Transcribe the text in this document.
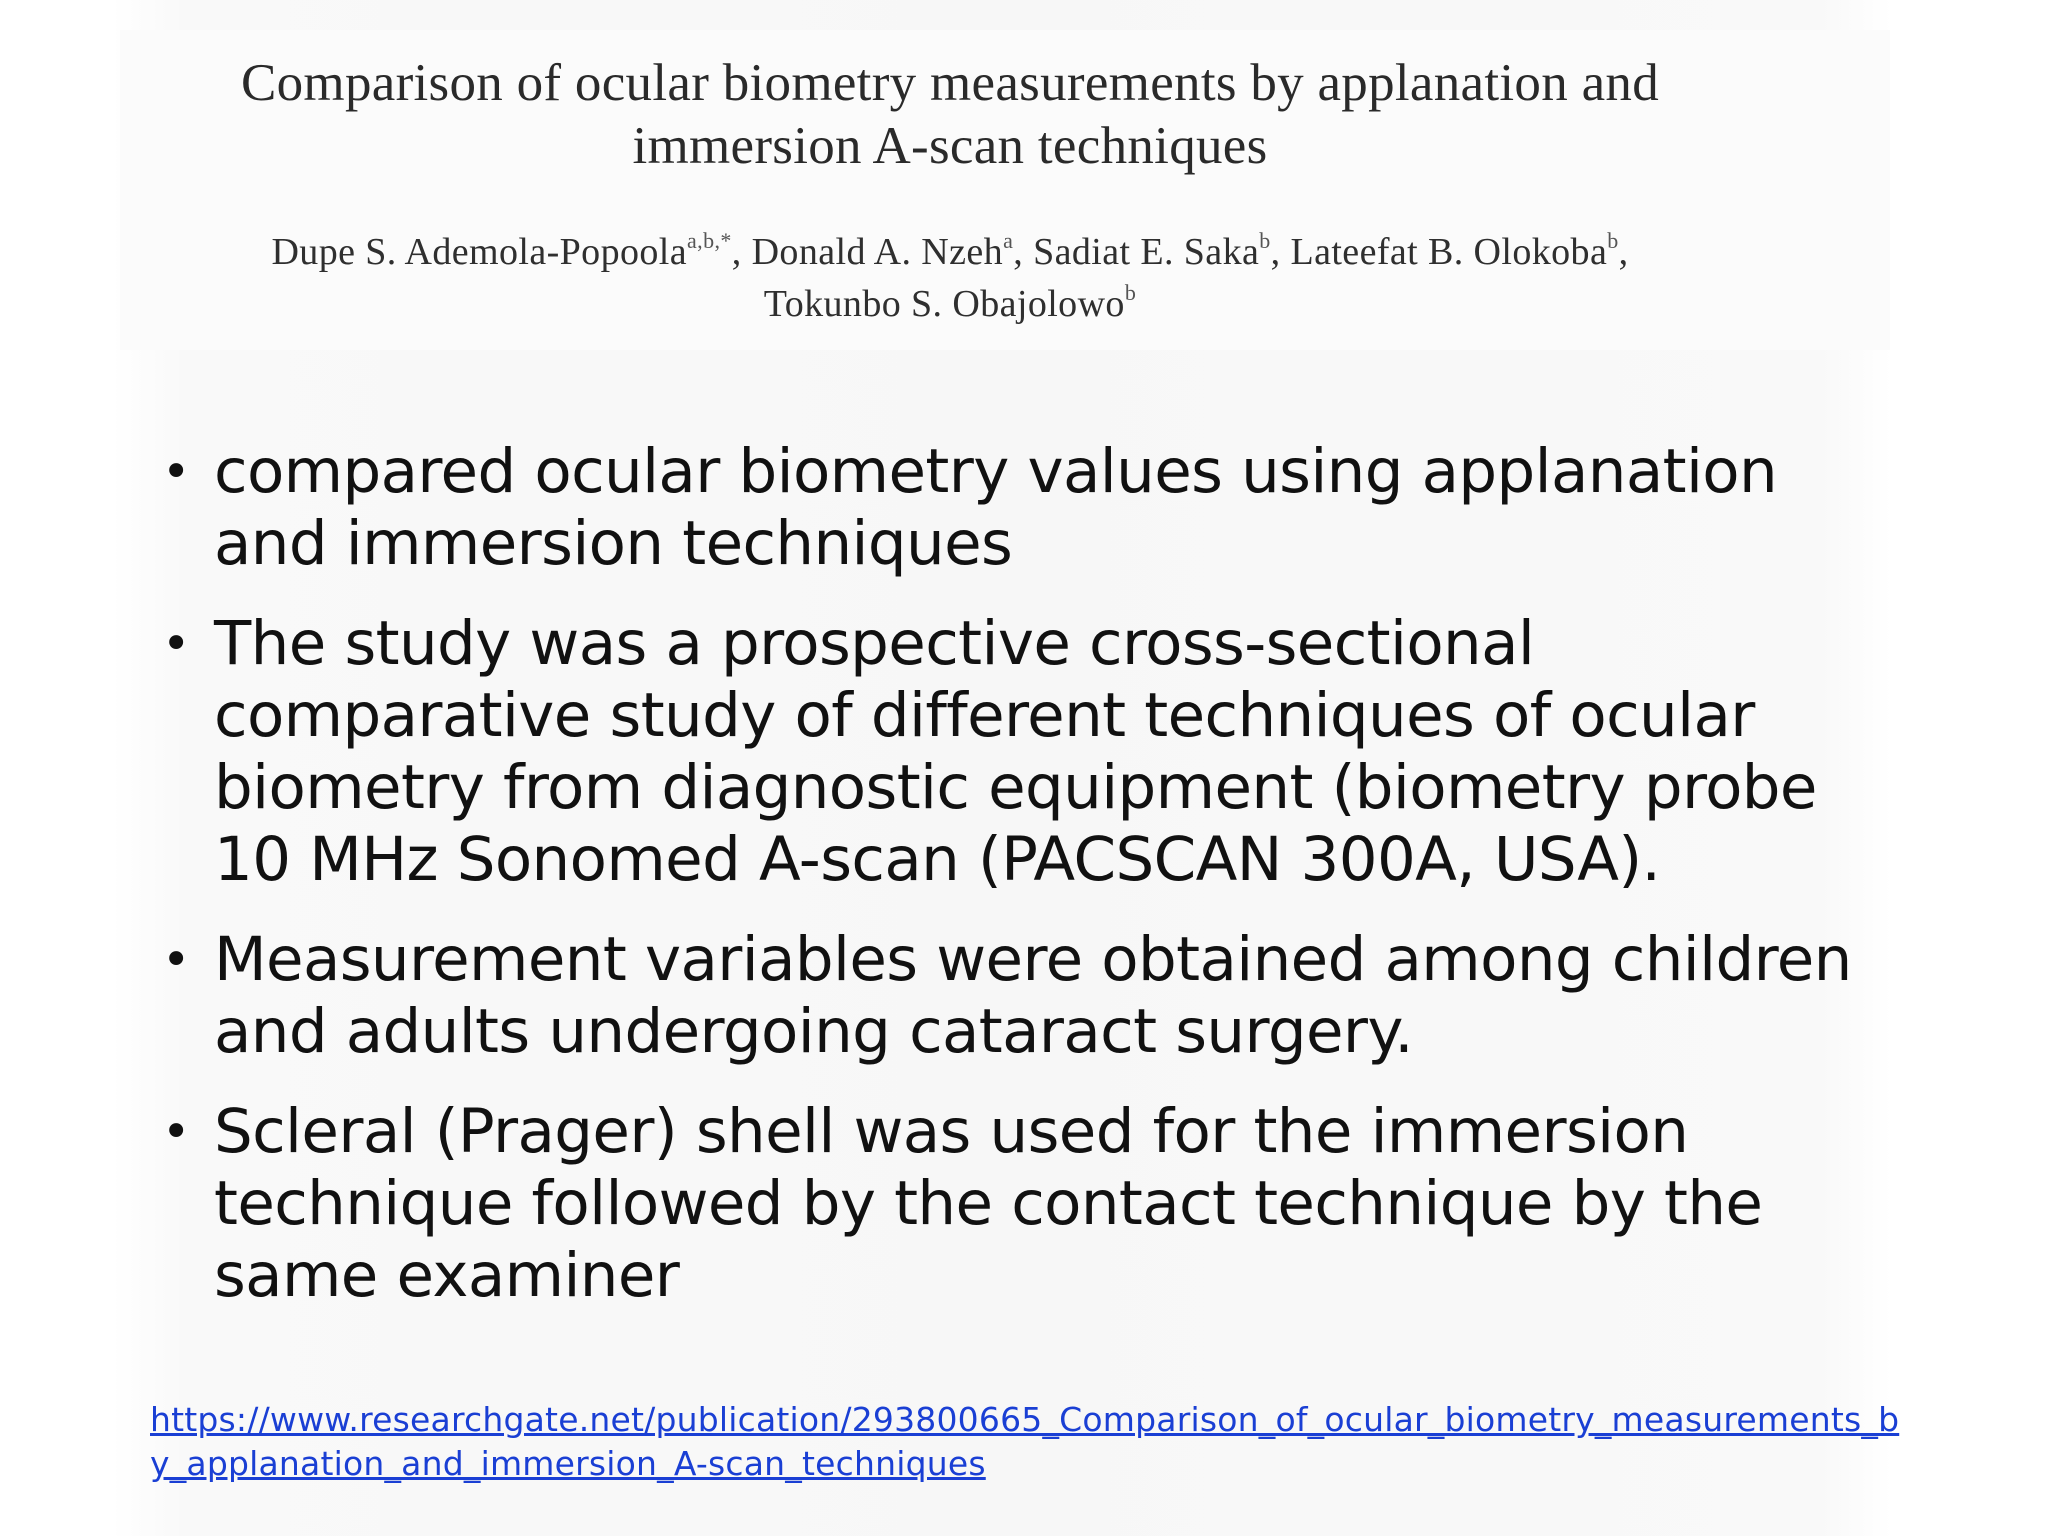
Comparison of ocular biometry measurements by applanation and
immersion A-scan techniques
Dupe S. Ademola-Popoola$^{a,b,*}$, Donald A. Nzeh$^a$, Sadiat E. Saka$^b$, Lateefat B. Olokoba$^b$,
Tokunbo S. Obajolowo$^b$
• compared ocular biometry values using applanation
and immersion techniques
• The study was a prospective cross-sectional
comparative study of different techniques of ocular
biometry from diagnostic equipment (biometry probe
10 MHz Sonomed A-scan (PACSCAN 300A, USA).
• Measurement variables were obtained among children
and adults undergoing cataract surgery.
• Scleral (Prager) shell was used for the immersion
technique followed by the contact technique by the
same examiner
https://www.researchgate.net/publication/293800665_Comparison_of_ocular_biometry_measurements_b
y_applanation_and_immersion_A-scan_techniques
